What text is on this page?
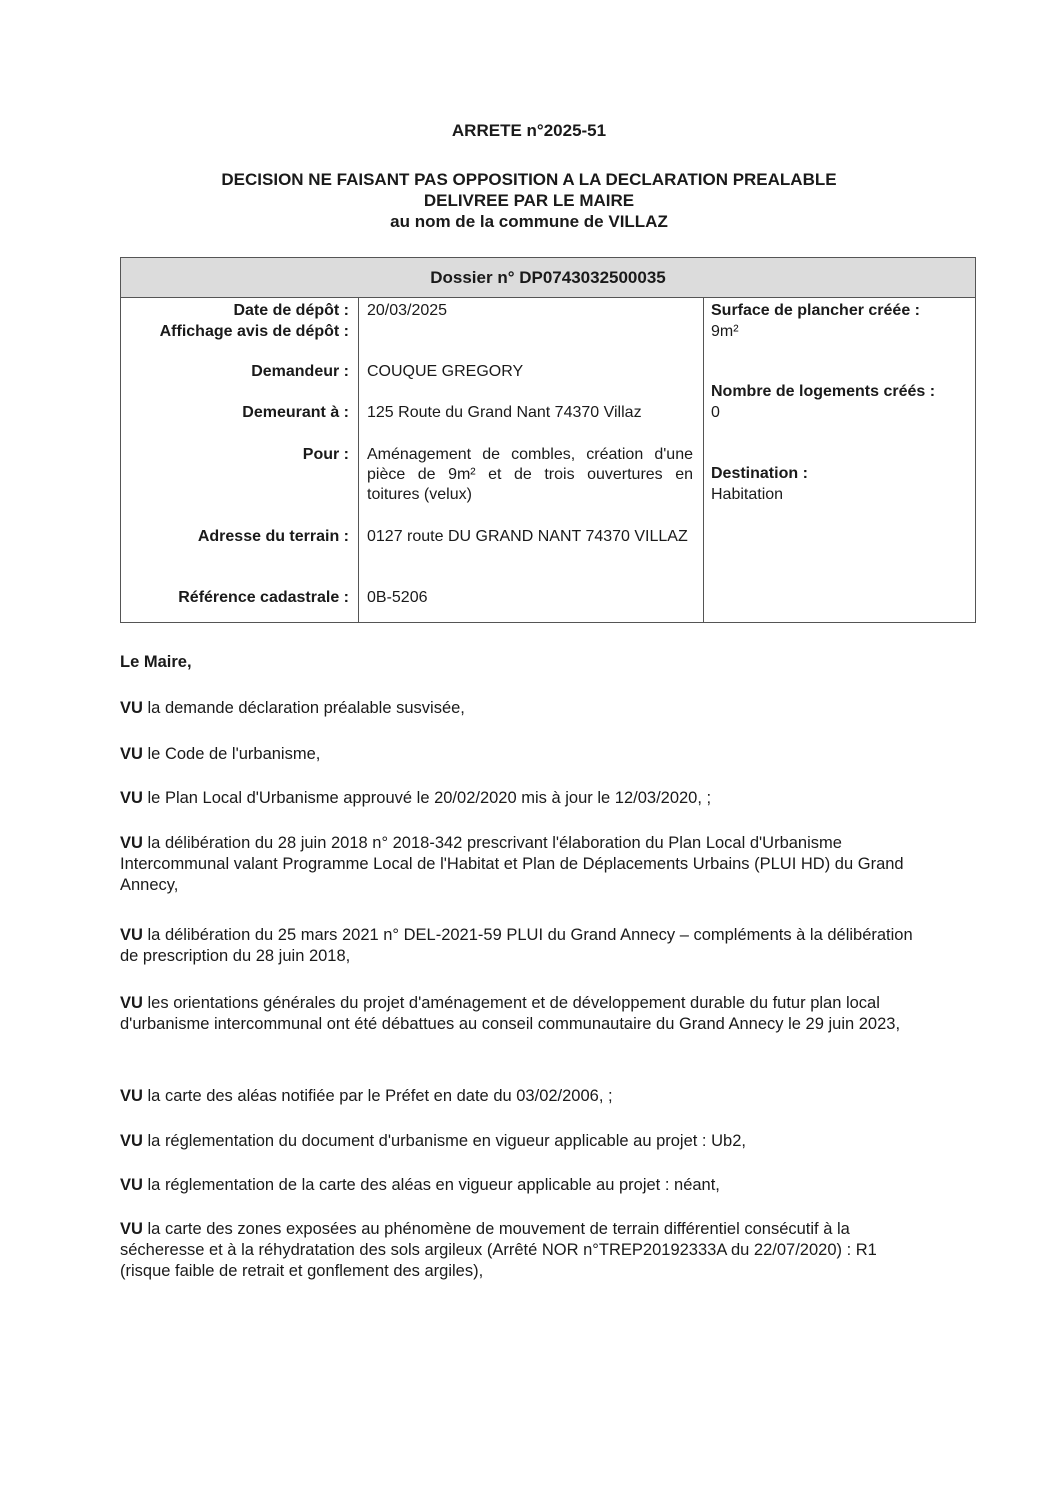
ARRETE n°2025-51
DECISION NE FAISANT PAS OPPOSITION A LA DECLARATION PREALABLE
DELIVREE PAR LE MAIRE
au nom de la commune de VILLAZ
Dossier n° DP0743032500035
Date de dépôt :
Affichage avis de dépôt :
Demandeur :
Demeurant à :
Pour :
Adresse du terrain :
Référence cadastrale :
20/03/2025
COUQUE GREGORY
125 Route du Grand Nant 74370 Villaz
Aménagement de combles, création d'une pièce de 9m² et de trois ouvertures en toitures (velux)
0127 route DU GRAND NANT 74370 VILLAZ
0B-5206
Surface de plancher créée :
9m²
Nombre de logements créés :
0
Destination :
Habitation
Le Maire,
VU la demande déclaration préalable susvisée,
VU le Code de l'urbanisme,
VU le Plan Local d'Urbanisme approuvé le 20/02/2020 mis à jour le 12/03/2020, ;
VU la délibération du 28 juin 2018 n° 2018-342 prescrivant l'élaboration du Plan Local d'Urbanisme Intercommunal valant Programme Local de l'Habitat et Plan de Déplacements Urbains (PLUI HD) du Grand Annecy,
VU la délibération du 25 mars 2021 n° DEL-2021-59 PLUI du Grand Annecy – compléments à la délibération de prescription du 28 juin 2018,
VU les orientations générales du projet d'aménagement et de développement durable du futur plan local d'urbanisme intercommunal ont été débattues au conseil communautaire du Grand Annecy le 29 juin 2023,
VU la carte des aléas notifiée par le Préfet en date du 03/02/2006, ;
VU la réglementation du document d'urbanisme en vigueur applicable au projet : Ub2,
VU la réglementation de la carte des aléas en vigueur applicable au projet : néant,
VU la carte des zones exposées au phénomène de mouvement de terrain différentiel consécutif à la sécheresse et à la réhydratation des sols argileux (Arrêté NOR n°TREP20192333A du 22/07/2020) : R1 (risque faible de retrait et gonflement des argiles),
